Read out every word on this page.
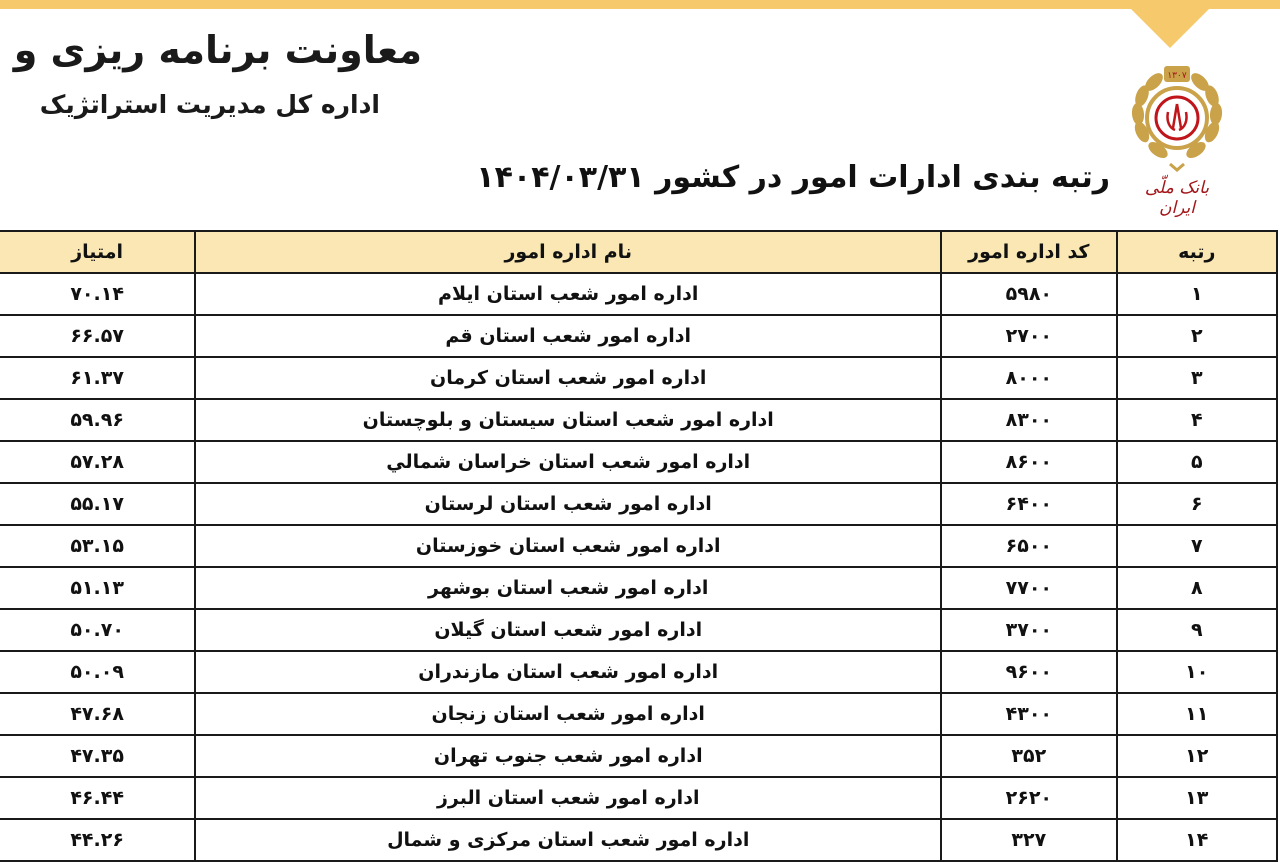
معاونت برنامه ریزی و
اداره کل مدیریت استراتژیک
۱۳۰۷
بانک ملّی ایران
رتبه بندی ادارات امور در کشور ۱۴۰۴/۰۳/۳۱
رتبه	کد اداره امور	نام اداره امور	امتیاز
۱	۵۹۸۰	اداره امور شعب استان ایلام	۷۰.۱۴
۲	۲۷۰۰	اداره امور شعب استان قم	۶۶.۵۷
۳	۸۰۰۰	اداره امور شعب استان کرمان	۶۱.۳۷
۴	۸۳۰۰	اداره امور شعب استان سیستان و بلوچستان	۵۹.۹۶
۵	۸۶۰۰	اداره امور شعب استان خراسان شمالي	۵۷.۲۸
۶	۶۴۰۰	اداره امور شعب استان لرستان	۵۵.۱۷
۷	۶۵۰۰	اداره امور شعب استان خوزستان	۵۳.۱۵
۸	۷۷۰۰	اداره امور شعب استان بوشهر	۵۱.۱۳
۹	۳۷۰۰	اداره امور شعب استان گیلان	۵۰.۷۰
۱۰	۹۶۰۰	اداره امور شعب استان مازندران	۵۰.۰۹
۱۱	۴۳۰۰	اداره امور شعب استان زنجان	۴۷.۶۸
۱۲	۳۵۲	اداره امور شعب جنوب تهران	۴۷.۳۵
۱۳	۲۶۲۰	اداره امور شعب استان البرز	۴۶.۴۴
۱۴	۳۲۷	اداره امور شعب استان مرکزی و شمال	۴۴.۲۶
